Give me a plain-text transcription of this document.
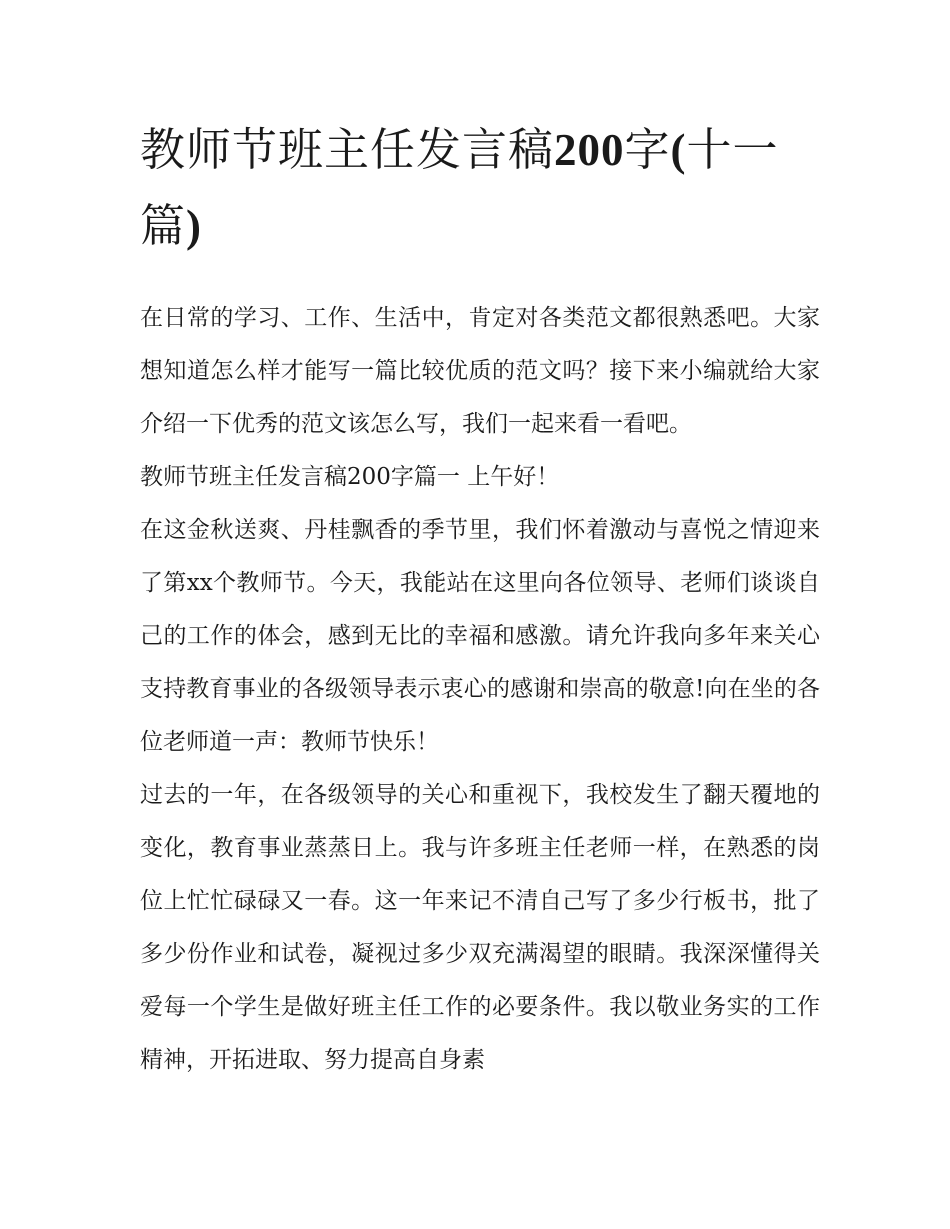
教师节班主任发言稿200字(十一篇)

在日常的学习、工作、生活中，肯定对各类范文都很熟悉吧。大家想知道怎么样才能写一篇比较优质的范文吗？接下来小编就给大家介绍一下优秀的范文该怎么写，我们一起来看一看吧。

教师节班主任发言稿200字篇一 上午好！

在这金秋送爽、丹桂飘香的季节里，我们怀着激动与喜悦之情迎来了第xx个教师节。今天，我能站在这里向各位领导、老师们谈谈自己的工作的体会，感到无比的幸福和感激。请允许我向多年来关心支持教育事业的各级领导表示衷心的感谢和崇高的敬意!向在坐的各位老师道一声：教师节快乐！

过去的一年，在各级领导的关心和重视下，我校发生了翻天覆地的变化，教育事业蒸蒸日上。我与许多班主任老师一样，在熟悉的岗位上忙忙碌碌又一春。这一年来记不清自己写了多少行板书，批了多少份作业和试卷，凝视过多少双充满渴望的眼睛。我深深懂得关爱每一个学生是做好班主任工作的必要条件。我以敬业务实的工作精神，开拓进取、努力提高自身素
